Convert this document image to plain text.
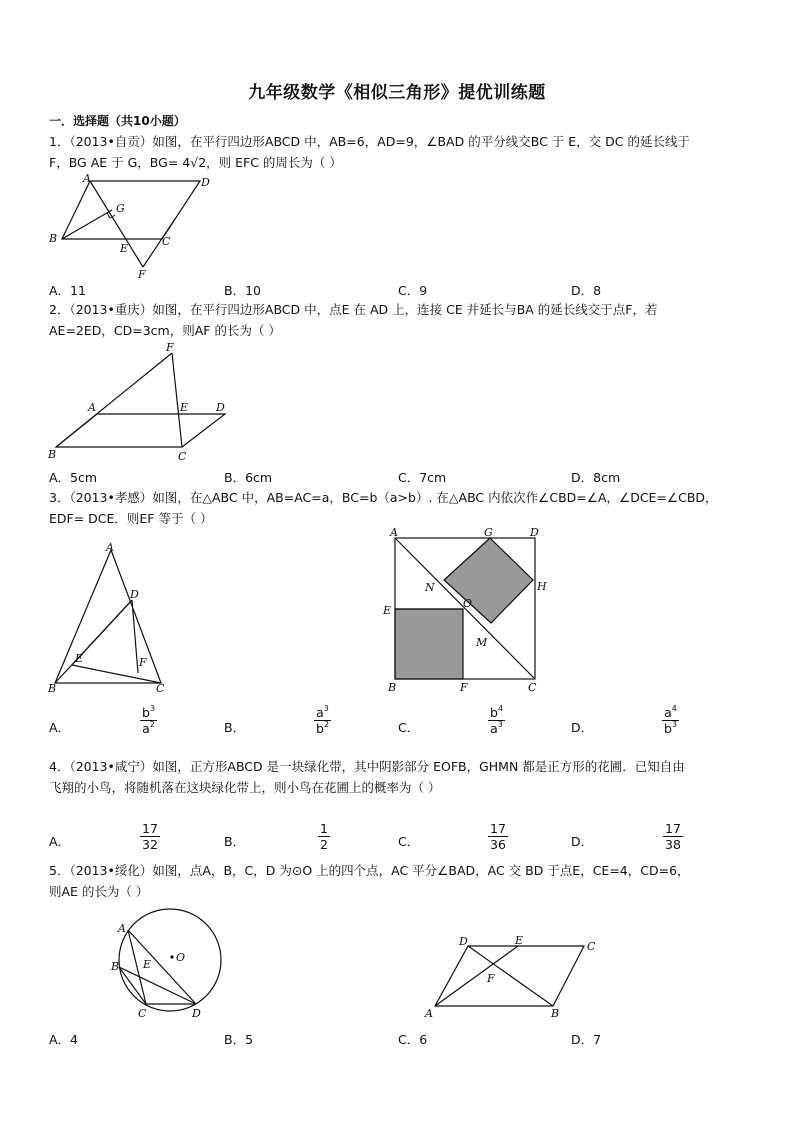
九年级数学《相似三角形》提优训练题
一．选择题（共10小题）
1．（2013•自贡）如图，在平行四边形ABCD 中，AB=6，AD=9，∠BAD 的平分线交BC 于 E，交 DC 的延长线于
F，BG AE 于 G，BG= 4√2，则 EFC 的周长为（ ）
A	D
G
B
E
C
F
A．11	B．10	C．9	D．8
2．（2013•重庆）如图，在平行四边形ABCD 中，点E 在 AD 上，连接 CE 并延长与BA 的延长线交于点F，若
AE=2ED，CD=3cm，则AF 的长为（ ）
F
A	E	D
B	C
A．5cm	B．6cm	C．7cm	D．8cm
3．（2013•孝感）如图，在△ABC 中，AB=AC=a，BC=b（a>b）. 在△ABC 内依次作∠CBD=∠A，∠DCE=∠CBD，
EDF= DCE．则EF 等于（ ）
A
D
E	F
B	C
A	G	D
N	H
O
E
M
B	F	C
A．	$\frac{b^3}{a^2}$	B．	$\frac{a^3}{b^2}$	C．	$\frac{b^4}{a^3}$	D．	$\frac{a^4}{b^3}$
4．（2013•咸宁）如图，正方形ABCD 是一块绿化带，其中阴影部分 EOFB，GHMN 都是正方形的花圃．已知自由
飞翔的小鸟，将随机落在这块绿化带上，则小鸟在花圃上的概率为（ ）
A．	$\frac{17}{32}$	B．	$\frac{1}{2}$	C．	$\frac{17}{36}$	D．	$\frac{17}{38}$
5．（2013•绥化）如图，点A，B，C，D 为⊙O 上的四个点，AC 平分∠BAD，AC 交 BD 于点E，CE=4，CD=6，
则AE 的长为（ ）
A
O
B E
C	D
D	E	C
F
A	B
A．4	B．5	C．6	D．7
